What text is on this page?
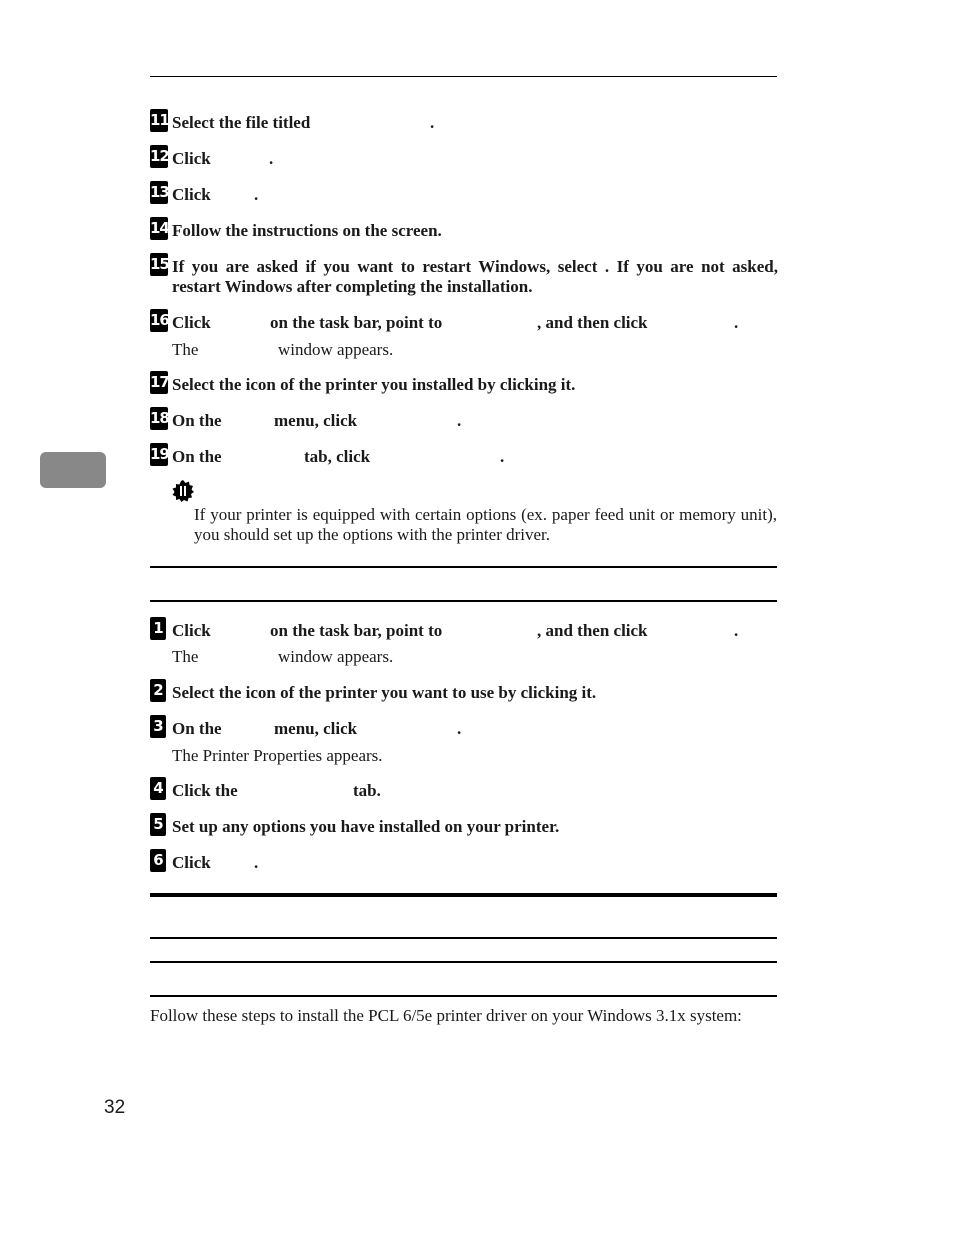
11 Select the file titled	.
12 Click	.
13 Click	.
14 Follow the instructions on the screen.
15 If you are asked if you want to restart Windows, select . If you are not asked, restart Windows after completing the installation.
16 Click	on the task bar, point to	, and then click	.
The	window appears.
17 Select the icon of the printer you installed by clicking it.
18 On the	menu, click	.
19 On the	tab, click	.
If your printer is equipped with certain options (ex. paper feed unit or memory unit), you should set up the options with the printer driver.
1 Click	on the task bar, point to	, and then click	.
The	window appears.
2 Select the icon of the printer you want to use by clicking it.
3 On the	menu, click	.
The Printer Properties appears.
4 Click the	tab.
5 Set up any options you have installed on your printer.
6 Click	.
Follow these steps to install the PCL 6/5e printer driver on your Windows 3.1x system:
32
